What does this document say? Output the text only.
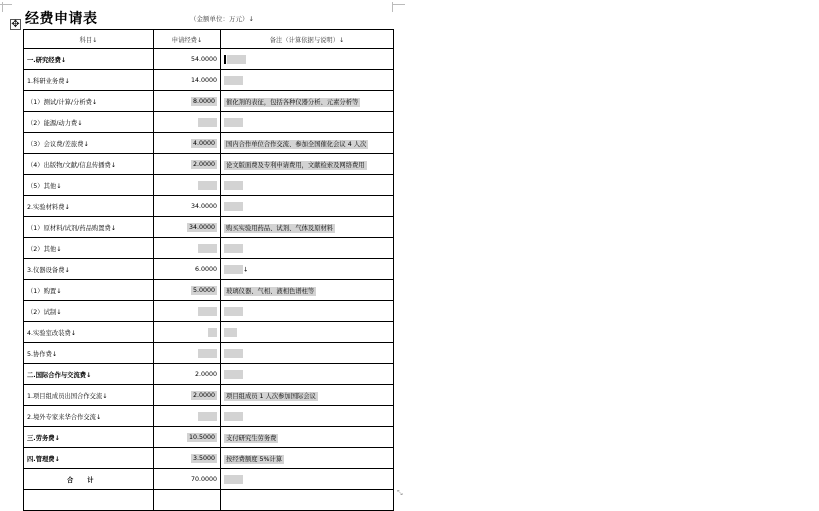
✥ 经费申请表	（金额单位：万元）↓
科目↓	申请经费↓	备注（计算依据与说明）↓
一.研究经费↓	54.0000	
1.科研业务费↓	14.0000	
（1）测试/计算/分析费↓	8.0000	催化剂的表征，包括各种仪器分析、元素分析等
（2）能源/动力费↓		
（3）会议费/差旅费↓	4.0000	国内合作单位合作交流、参加全国催化会议 4 人次
（4）出版物/文献/信息传播费↓	2.0000	论文版面费及专利申请费用，文献检索及网络费用
（5）其他↓		
2.实验材料费↓	34.0000	
（1）原材料/试剂/药品购置费↓	34.0000	购买实验用药品、试剂、气体及原材料
（2）其他↓		
3.仪器设备费↓	6.0000	↓
（1）购置↓	5.0000	玻璃仪器、气相、液相色谱柱等
（2）试制↓		
4.实验室改装费↓		
5.协作费↓		
二.国际合作与交流费↓	2.0000	
1.项目组成员出国合作交流↓	2.0000	项目组成员 1 人次参加国际会议
2.境外专家来华合作交流↓		
三.劳务费↓	10.5000	支付研究生劳务费
四.管理费↓	3.5000	按经费额度 5%计算
合计	70.0000	

⤡
